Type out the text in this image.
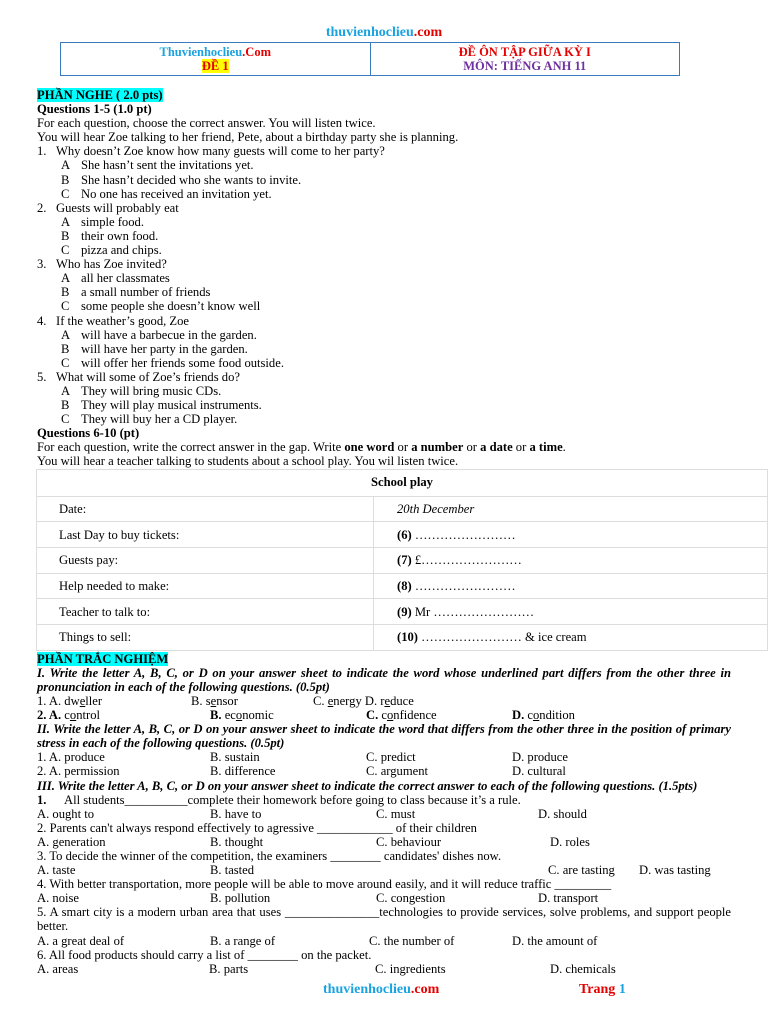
thuvienhoclieu.com
Thuvienhoclieu.Com
ĐỀ 1
ĐỀ ÔN TẬP GIỮA KỲ I
MÔN: TIẾNG ANH 11
PHẦN NGHE ( 2.0 pts)
Questions 1-5 (1.0 pt)
For each question, choose the correct answer. You will listen twice.
You will hear Zoe talking to her friend, Pete, about a birthday party she is planning.
1. Why doesn’t Zoe know how many guests will come to her party?
A She hasn’t sent the invitations yet.
B She hasn’t decided who she wants to invite.
C No one has received an invitation yet.
2. Guests will probably eat
A simple food.
B their own food.
C pizza and chips.
3. Who has Zoe invited?
A all her classmates
B a small number of friends
C some people she doesn’t know well
4. If the weather’s good, Zoe
A will have a barbecue in the garden.
B will have her party in the garden.
C will offer her friends some food outside.
5. What will some of Zoe’s friends do?
A They will bring music CDs.
B They will play musical instruments.
C They will buy her a CD player.
Questions 6-10 (pt)
For each question, write the correct answer in the gap. Write one word or a number or a date or a time.
You will hear a teacher talking to students about a school play. You wil listen twice.
School play	
Date:	20th December
Last Day to buy tickets:	(6) ……………………
Guests pay:	(7) £……………………
Help needed to make:	(8) ……………………
Teacher to talk to:	(9) Mr ……………………
Things to sell:	(10) …………………… & ice cream
PHẦN TRẮC NGHIỆM
I. Write the letter A, B, C, or D on your answer sheet to indicate the word whose underlined part differs from the other three in pronunciation in each of the following questions. (0.5pt)
1. A. dweller	B. sensor	C. energy D. reduce
2. A. control	B. economic	C. confidence	D. condition
II. Write the letter A, B, C, or D on your answer sheet to indicate the word that differs from the other three in the position of primary stress in each of the following questions. (0.5pt)
1. A. produce	B. sustain	C. predict	D. produce
2. A. permission	B. difference	C. argument	D. cultural
III. Write the letter A, B, C, or D on your answer sheet to indicate the correct answer to each of the following questions. (1.5pts)
1. All students__________complete their homework before going to class because it’s a rule.
A. ought to	B. have to	C. must	D. should
2. Parents can't always respond effectively to agressive ____________ of their children
A. generation	B. thought	C. behaviour	D. roles
3. To decide the winner of the competition, the examiners ________ candidates' dishes now.
A. taste	B. tasted	C. are tasting	D. was tasting
4. With better transportation, more people will be able to move around easily, and it will reduce traffic _________
A. noise	B. pollution	C. congestion	D. transport
5. A smart city is a modern urban area that uses _______________technologies to provide services, solve problems, and support people better.
A. a great deal of	B. a range of	C. the number of	D. the amount of
6. All food products should carry a list of ________ on the packet.
A. areas	B. parts	C. ingredients	D. chemicals
thuvienhoclieu.com	Trang 1
